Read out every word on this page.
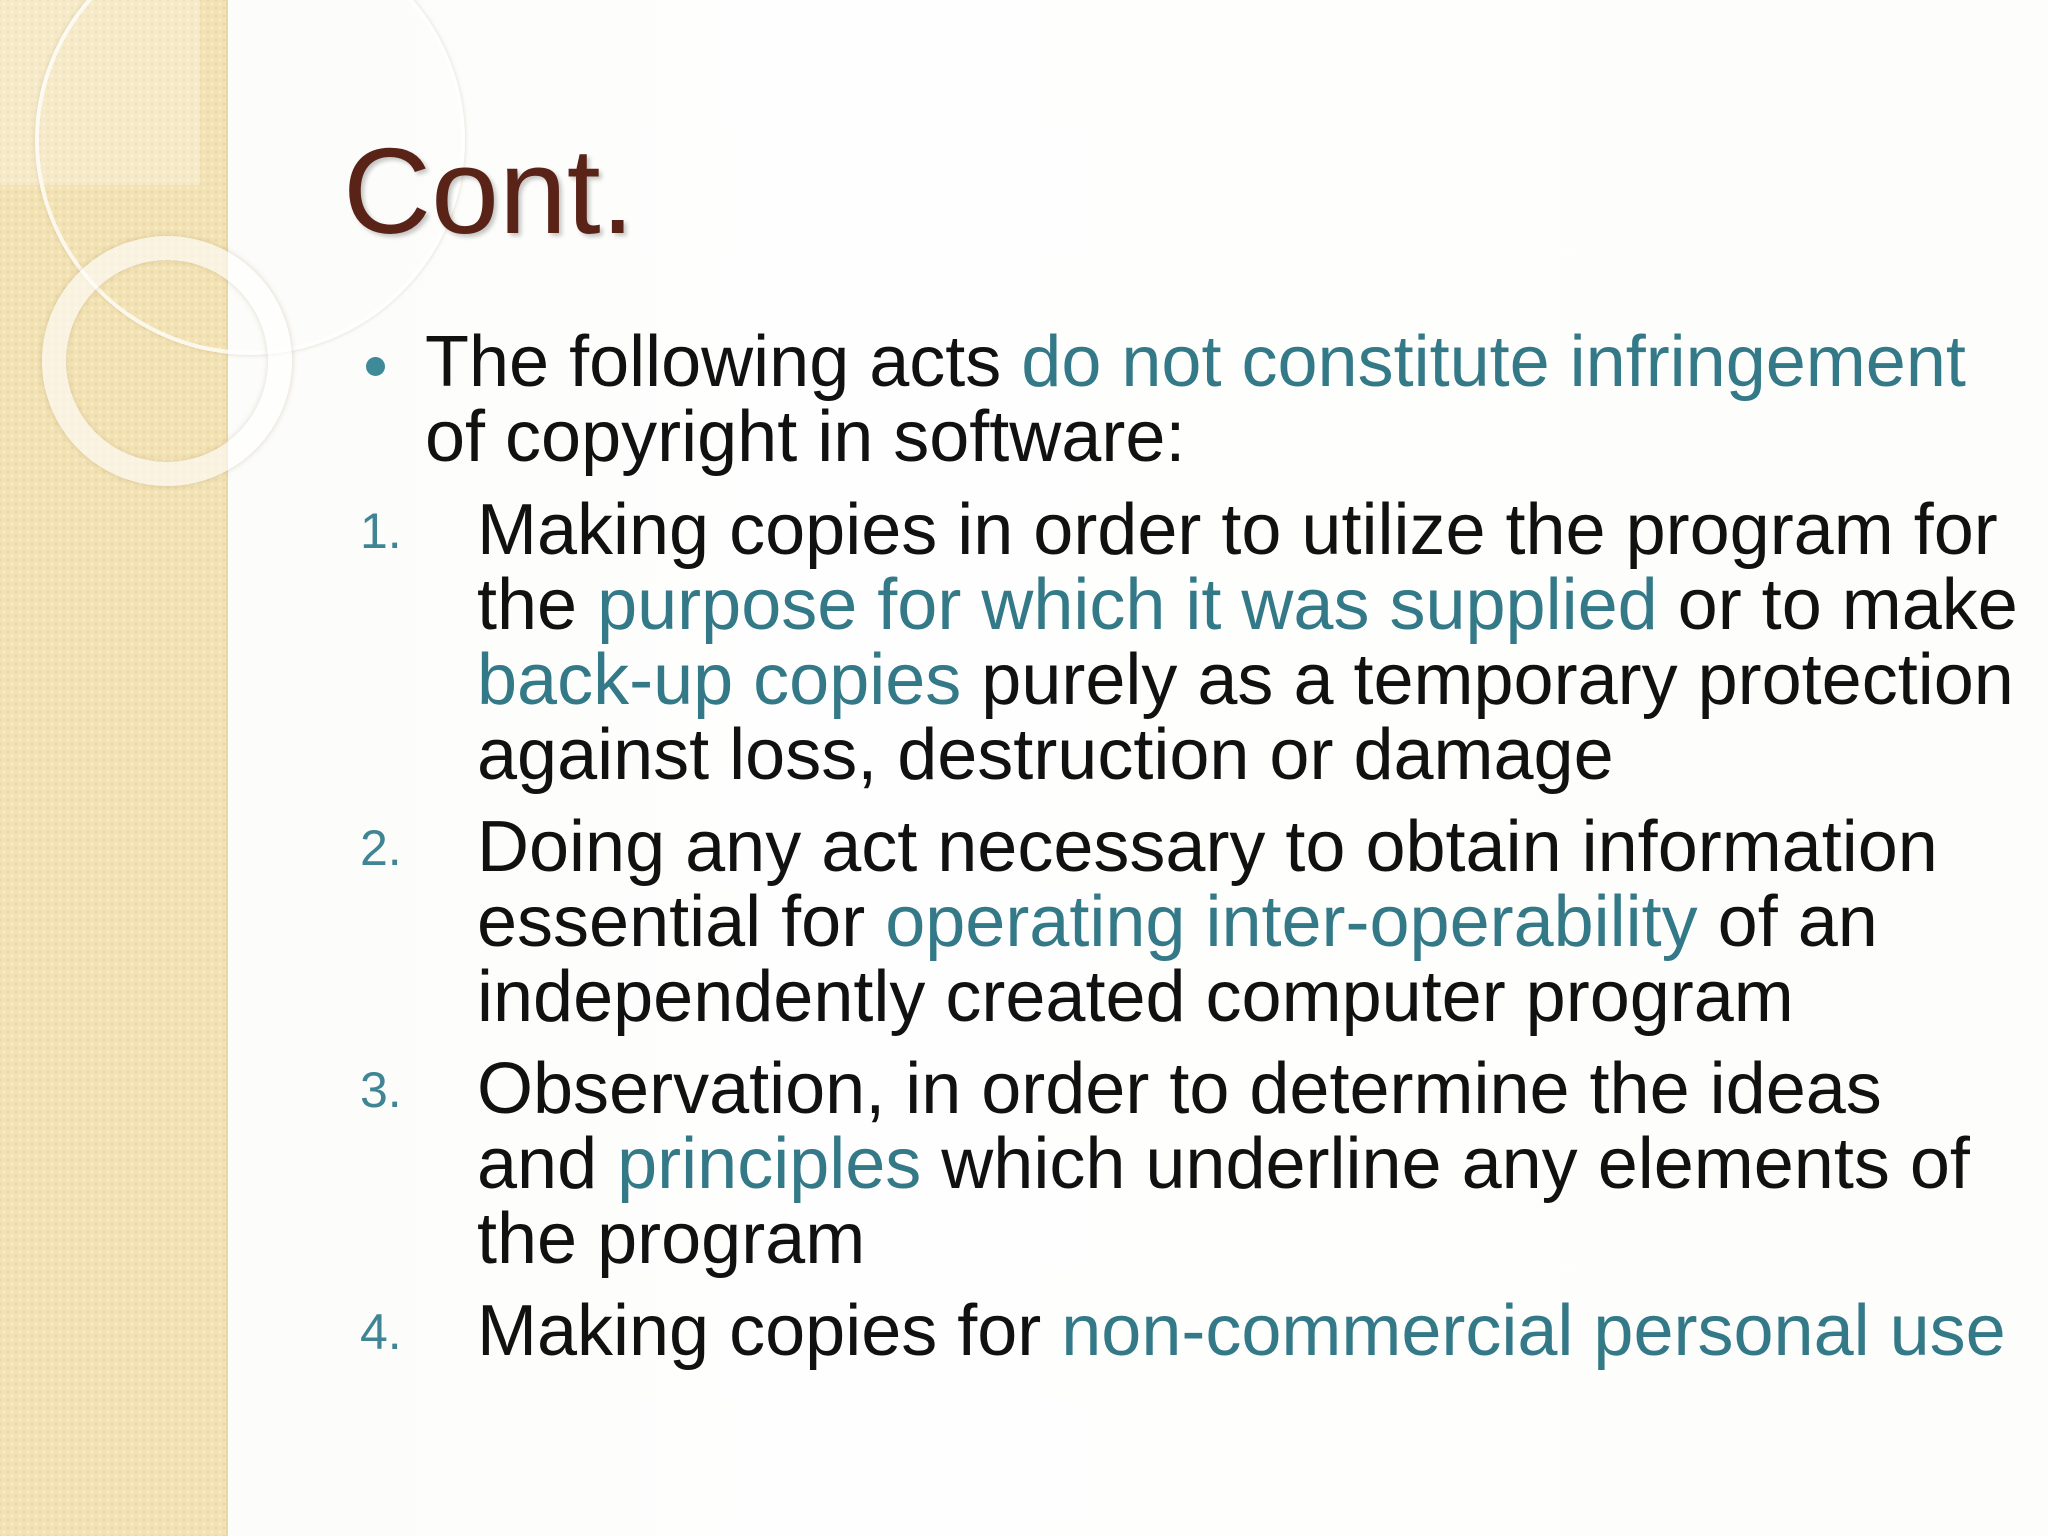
Cont.
The following acts do not constitute infringement of copyright in software:
1. Making copies in order to utilize the program for the purpose for which it was supplied or to make back-up copies purely as a temporary protection against loss, destruction or damage
2. Doing any act necessary to obtain information essential for operating inter-operability of an independently created computer program
3. Observation, in order to determine the ideas and principles which underline any elements of the program
4. Making copies for non-commercial personal use
